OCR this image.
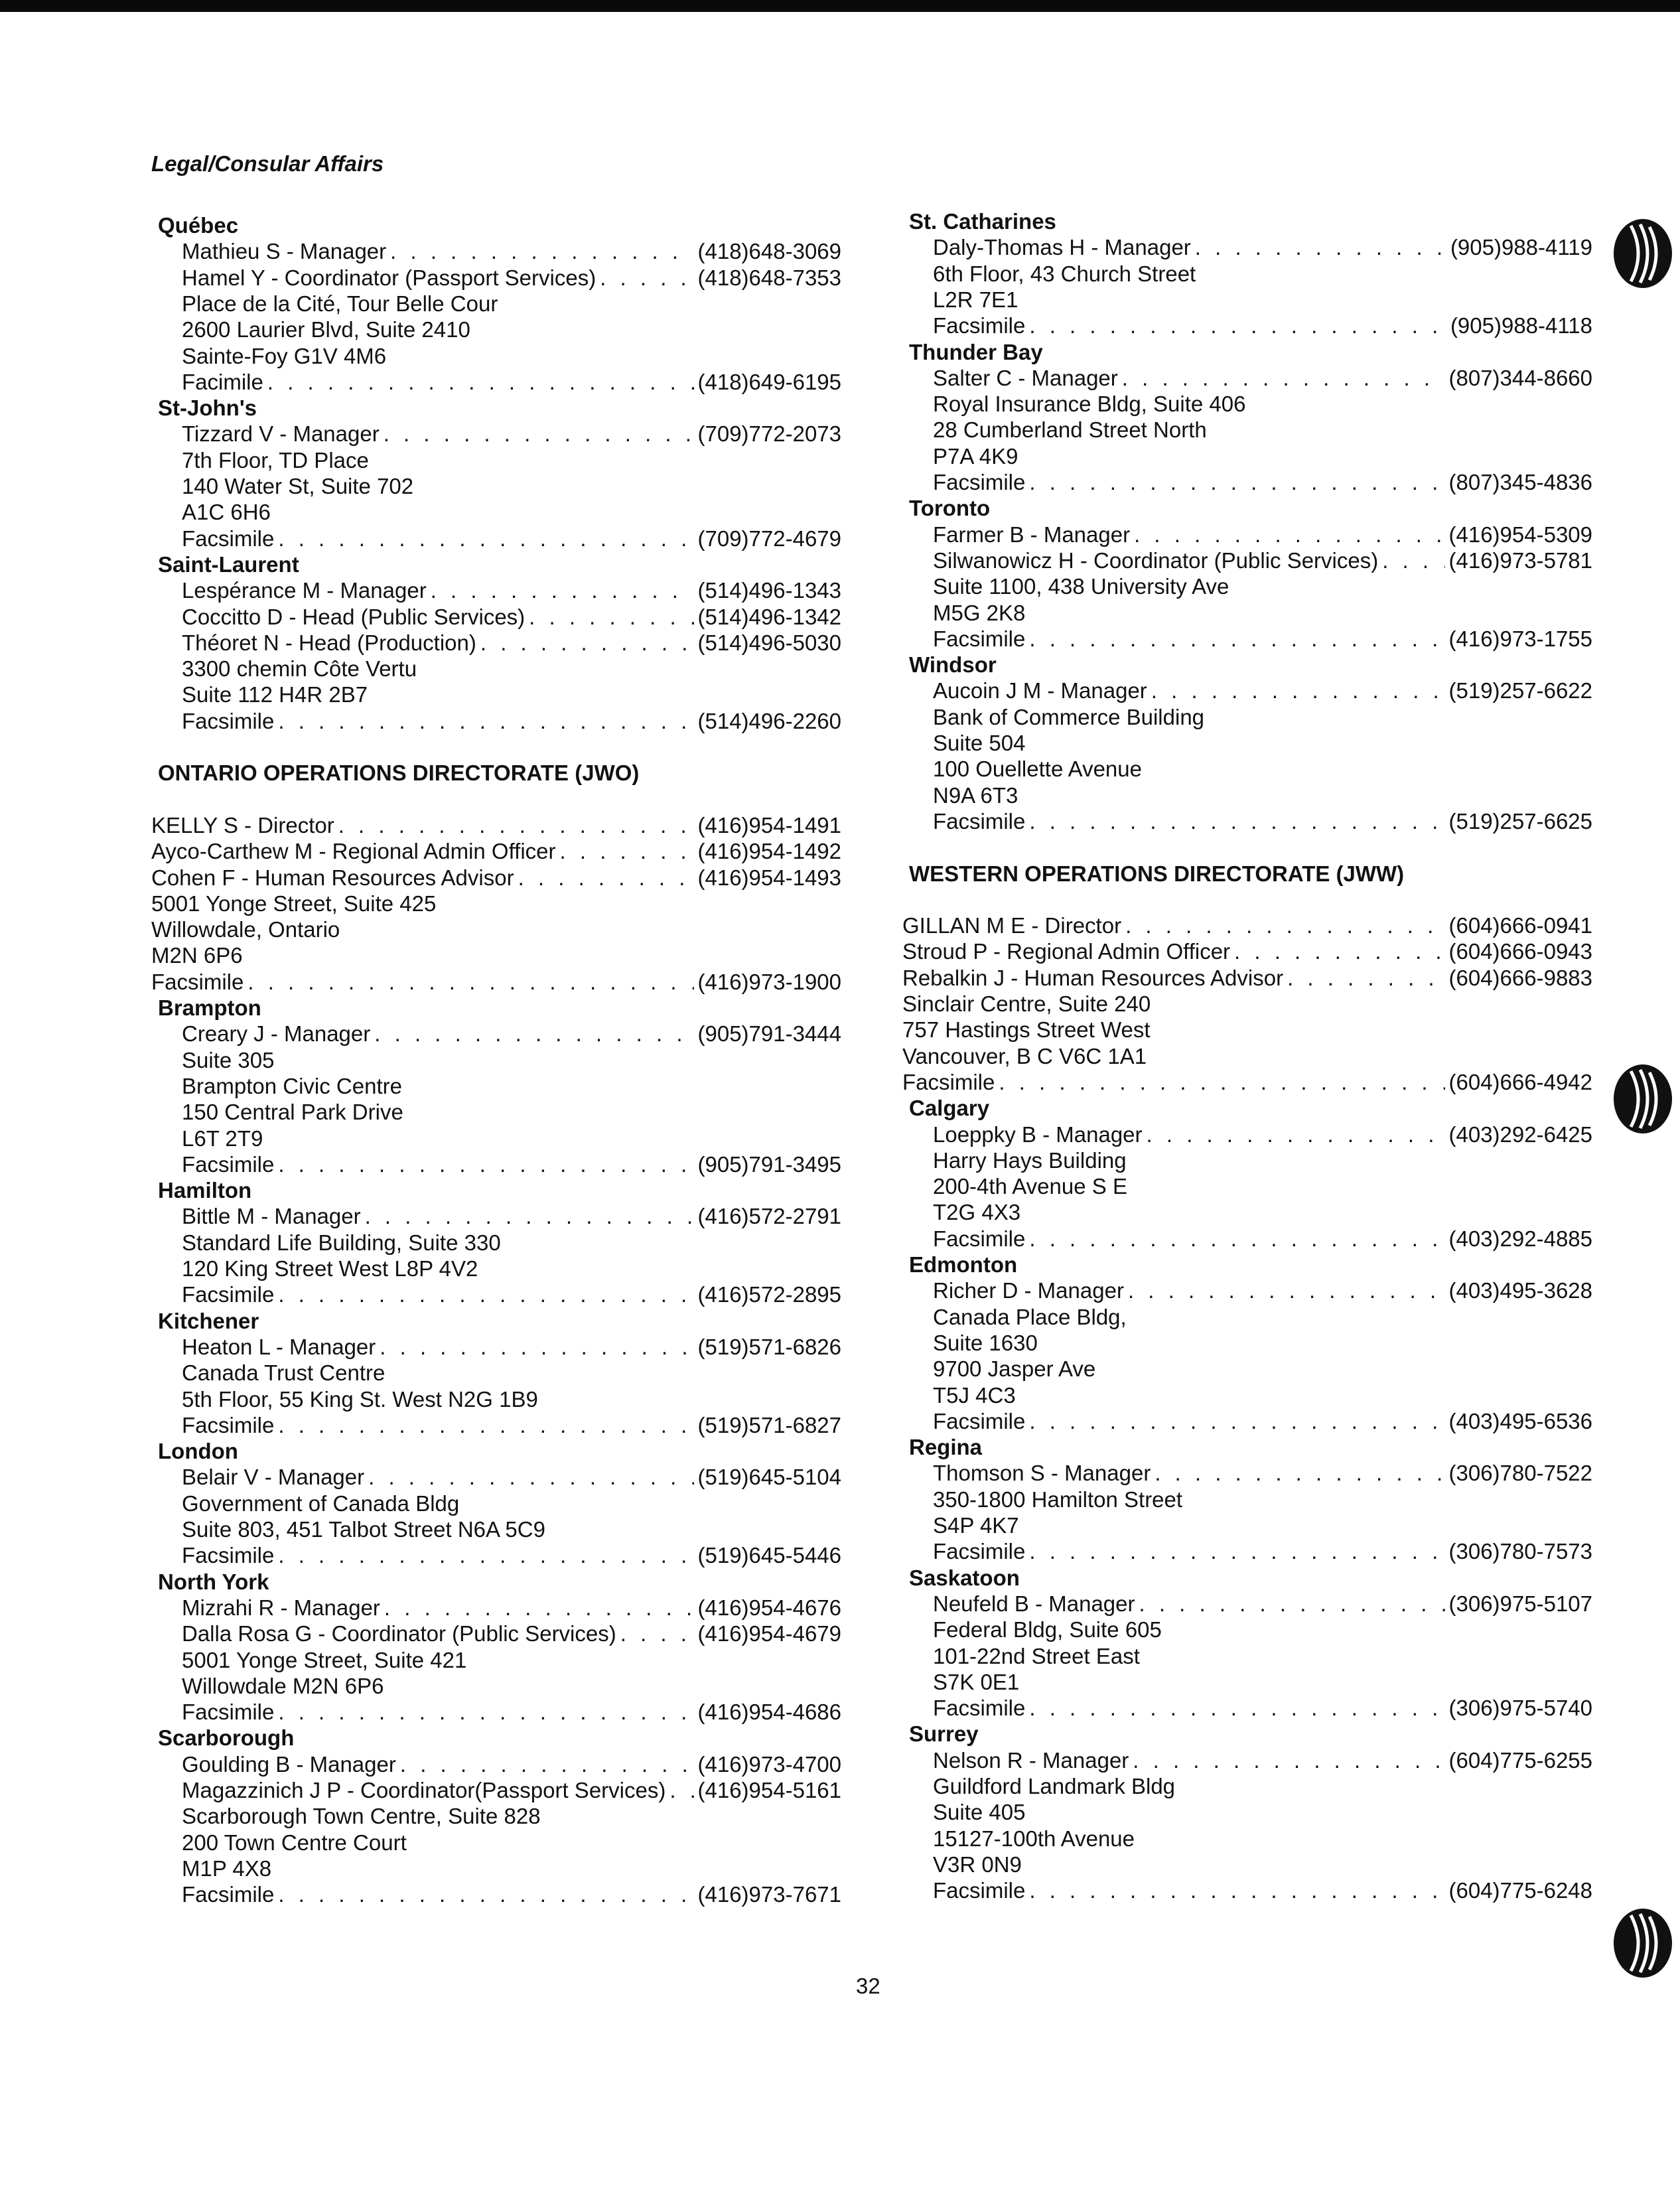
Legal/Consular Affairs
Québec
Mathieu S - Manager . . .	(418)648-3069
Hamel Y - Coordinator (Passport Services) . . .	(418)648-7353
Place de la Cité, Tour Belle Cour
2600 Laurier Blvd, Suite 2410
Sainte-Foy G1V 4M6
Facimile . . .	(418)649-6195
St-John's
Tizzard V - Manager . . .	(709)772-2073
7th Floor, TD Place
140 Water St, Suite 702
A1C 6H6
Facsimile . . .	(709)772-4679
Saint-Laurent
Lespérance M - Manager . . .	(514)496-1343
Coccitto D - Head (Public Services) . . .	(514)496-1342
Théoret N - Head (Production) . . .	(514)496-5030
3300 chemin Côte Vertu
Suite 112 H4R 2B7
Facsimile . . .	(514)496-2260
ONTARIO OPERATIONS DIRECTORATE (JWO)
KELLY S - Director . . .	(416)954-1491
Ayco-Carthew M - Regional Admin Officer . . .	(416)954-1492
Cohen F - Human Resources Advisor . . .	(416)954-1493
5001 Yonge Street, Suite 425
Willowdale, Ontario
M2N 6P6
Facsimile . . .	(416)973-1900
Brampton
Creary J - Manager . . .	(905)791-3444
Suite 305
Brampton Civic Centre
150 Central Park Drive
L6T 2T9
Facsimile . . .	(905)791-3495
Hamilton
Bittle M - Manager . . .	(416)572-2791
Standard Life Building, Suite 330
120 King Street West L8P 4V2
Facsimile . . .	(416)572-2895
Kitchener
Heaton L - Manager . . .	(519)571-6826
Canada Trust Centre
5th Floor, 55 King St. West N2G 1B9
Facsimile . . .	(519)571-6827
London
Belair V - Manager . . .	(519)645-5104
Government of Canada Bldg
Suite 803, 451 Talbot Street N6A 5C9
Facsimile . . .	(519)645-5446
North York
Mizrahi R - Manager . . .	(416)954-4676
Dalla Rosa G - Coordinator (Public Services) . . .	(416)954-4679
5001 Yonge Street, Suite 421
Willowdale M2N 6P6
Facsimile . . .	(416)954-4686
Scarborough
Goulding B - Manager . . .	(416)973-4700
Magazzinich J P - Coordinator(Passport Services) . . . (416)954-5161
Scarborough Town Centre, Suite 828
200 Town Centre Court
M1P 4X8
Facsimile . . .	(416)973-7671
St. Catharines
Daly-Thomas H - Manager . . .	(905)988-4119
6th Floor, 43 Church Street
L2R 7E1
Facsimile . . .	(905)988-4118
Thunder Bay
Salter C - Manager . . .	(807)344-8660
Royal Insurance Bldg, Suite 406
28 Cumberland Street North
P7A 4K9
Facsimile . . .	(807)345-4836
Toronto
Farmer B - Manager . . .	(416)954-5309
Silwanowicz H - Coordinator (Public Services) . . .	(416)973-5781
Suite 1100, 438 University Ave
M5G 2K8
Facsimile . . .	(416)973-1755
Windsor
Aucoin J M - Manager . . .	(519)257-6622
Bank of Commerce Building
Suite 504
100 Ouellette Avenue
N9A 6T3
Facsimile . . .	(519)257-6625
WESTERN OPERATIONS DIRECTORATE (JWW)
GILLAN M E - Director . . .	(604)666-0941
Stroud P - Regional Admin Officer . . .	(604)666-0943
Rebalkin J - Human Resources Advisor . . .	(604)666-9883
Sinclair Centre, Suite 240
757 Hastings Street West
Vancouver, B C V6C 1A1
Facsimile . . .	(604)666-4942
Calgary
Loeppky B - Manager . . .	(403)292-6425
Harry Hays Building
200-4th Avenue S E
T2G 4X3
Facsimile . . .	(403)292-4885
Edmonton
Richer D - Manager . . .	(403)495-3628
Canada Place Bldg,
Suite 1630
9700 Jasper Ave
T5J 4C3
Facsimile . . .	(403)495-6536
Regina
Thomson S - Manager . . .	(306)780-7522
350-1800 Hamilton Street
S4P 4K7
Facsimile . . .	(306)780-7573
Saskatoon
Neufeld B - Manager . . .	(306)975-5107
Federal Bldg, Suite 605
101-22nd Street East
S7K 0E1
Facsimile . . .	(306)975-5740
Surrey
Nelson R - Manager . . .	(604)775-6255
Guildford Landmark Bldg
Suite 405
15127-100th Avenue
V3R 0N9
Facsimile . . .	(604)775-6248
32
